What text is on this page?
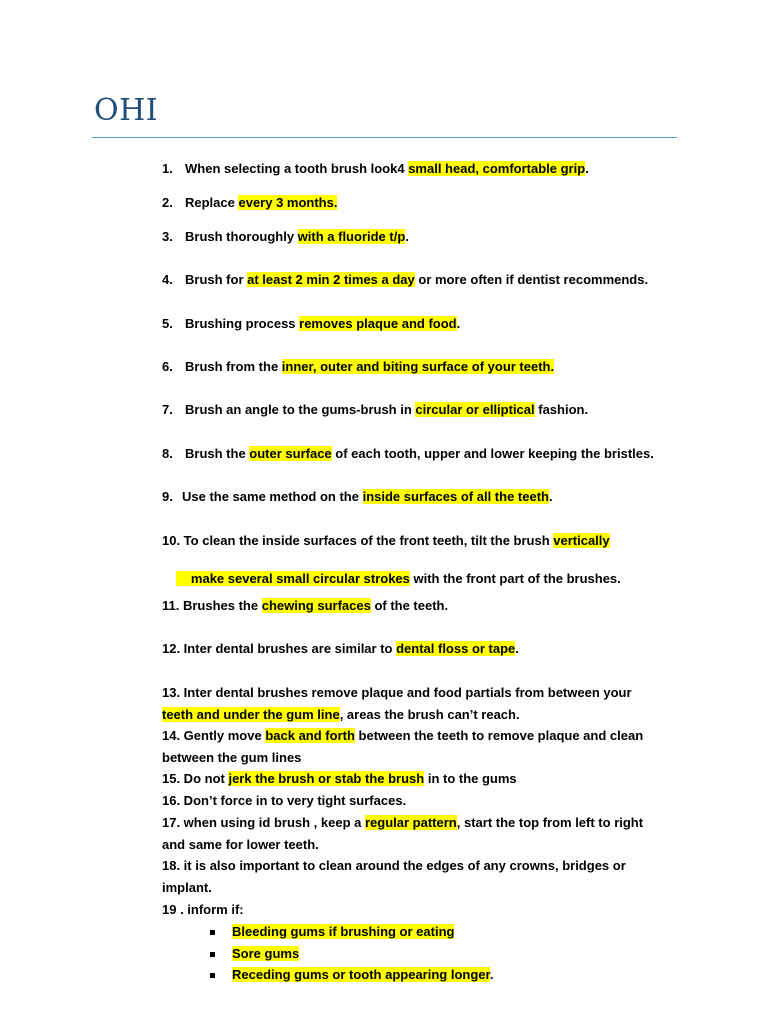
OHI
1. When selecting a tooth brush look4 small head, comfortable grip.
2. Replace every 3 months.
3. Brush thoroughly with a fluoride t/p.
4. Brush for at least 2 min 2 times a day or more often if dentist recommends.
5. Brushing process removes plaque and food.
6. Brush from the inner, outer and biting surface of your teeth.
7. Brush an angle to the gums-brush in circular or elliptical fashion.
8. Brush the outer surface of each tooth, upper and lower keeping the bristles.
9. Use the same method on the inside surfaces of all the teeth.
10. To clean the inside surfaces of the front teeth, tilt the brush vertically

make several small circular strokes with the front part of the brushes.

11. Brushes the chewing surfaces of the teeth.
12. Inter dental brushes are similar to dental floss or tape.
13. Inter dental brushes remove plaque and food partials from between your
teeth and under the gum line, areas the brush can’t reach.
14. Gently move back and forth between the teeth to remove plaque and clean
between the gum lines
15. Do not jerk the brush or stab the brush in to the gums
16. Don’t force in to very tight surfaces.
17. when using id brush , keep a regular pattern, start the top from left to right
and same for lower teeth.
18. it is also important to clean around the edges of any crowns, bridges or
implant.
19 . inform if:
Bleeding gums if brushing or eating
Sore gums
Receding gums or tooth appearing longer.
